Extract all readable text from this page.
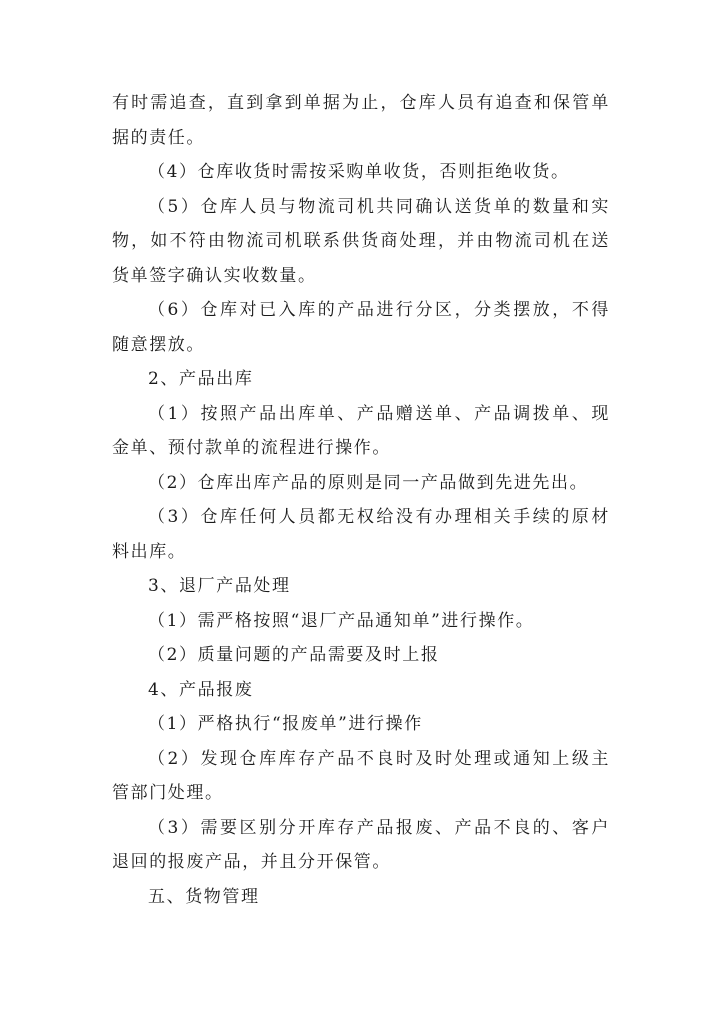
有时需追查，直到拿到单据为止，仓库人员有追查和保管单
据的责任。
（4）仓库收货时需按采购单收货，否则拒绝收货。
（5）仓库人员与物流司机共同确认送货单的数量和实
物，如不符由物流司机联系供货商处理，并由物流司机在送
货单签字确认实收数量。
（6）仓库对已入库的产品进行分区，分类摆放，不得
随意摆放。
2、产品出库
（1）按照产品出库单、产品赠送单、产品调拨单、现
金单、预付款单的流程进行操作。
（2）仓库出库产品的原则是同一产品做到先进先出。
（3）仓库任何人员都无权给没有办理相关手续的原材
料出库。
3、退厂产品处理
（1）需严格按照“退厂产品通知单”进行操作。
（2）质量问题的产品需要及时上报
4、产品报废
（1）严格执行“报废单”进行操作
（2）发现仓库库存产品不良时及时处理或通知上级主
管部门处理。
（3）需要区别分开库存产品报废、产品不良的、客户
退回的报废产品，并且分开保管。
五、货物管理
